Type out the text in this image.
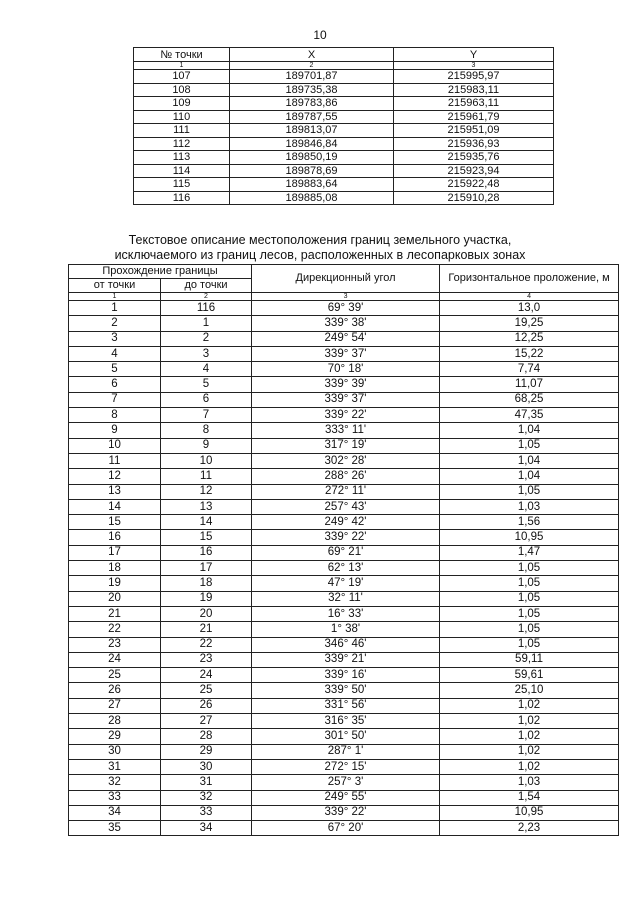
10
№ точки	X	Y
1	2	3
107	189701,87	215995,97
108	189735,38	215983,11
109	189783,86	215963,11
110	189787,55	215961,79
111	189813,07	215951,09
112	189846,84	215936,93
113	189850,19	215935,76
114	189878,69	215923,94
115	189883,64	215922,48
116	189885,08	215910,28
Текстовое описание местоположения границ земельного участка,
исключаемого из границ лесов, расположенных в лесопарковых зонах
Прохождение границы		Дирекционный угол	Горизонтальное проложение, м
от точки	до точки		
1	2	3	4
1	116	69° 39'	13,0
2	1	339° 38'	19,25
3	2	249° 54'	12,25
4	3	339° 37'	15,22
5	4	70° 18'	7,74
6	5	339° 39'	11,07
7	6	339° 37'	68,25
8	7	339° 22'	47,35
9	8	333° 11'	1,04
10	9	317° 19'	1,05
11	10	302° 28'	1,04
12	11	288° 26'	1,04
13	12	272° 11'	1,05
14	13	257° 43'	1,03
15	14	249° 42'	1,56
16	15	339° 22'	10,95
17	16	69° 21'	1,47
18	17	62° 13'	1,05
19	18	47° 19'	1,05
20	19	32° 11'	1,05
21	20	16° 33'	1,05
22	21	1° 38'	1,05
23	22	346° 46'	1,05
24	23	339° 21'	59,11
25	24	339° 16'	59,61
26	25	339° 50'	25,10
27	26	331° 56'	1,02
28	27	316° 35'	1,02
29	28	301° 50'	1,02
30	29	287° 1'	1,02
31	30	272° 15'	1,02
32	31	257° 3'	1,03
33	32	249° 55'	1,54
34	33	339° 22'	10,95
35	34	67° 20'	2,23
